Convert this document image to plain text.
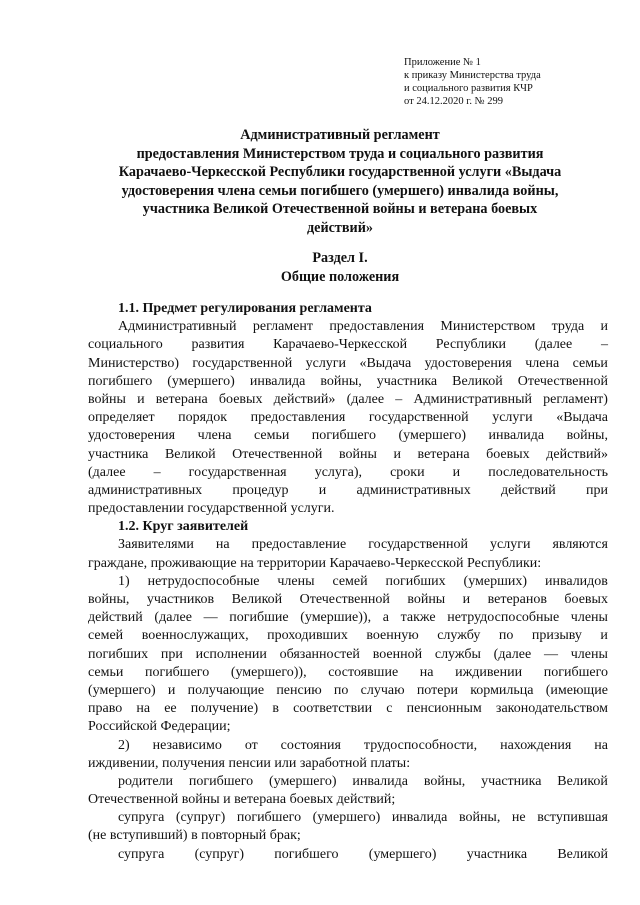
Приложение № 1
к приказу Министерства труда
и социального развития КЧР
от 24.12.2020 г. № 299
Административный регламент
предоставления Министерством труда и социального развития
Карачаево-Черкесской Республики государственной услуги «Выдача
удостоверения члена семьи погибшего (умершего) инвалида войны,
участника Великой Отечественной войны и ветерана боевых
действий»
Раздел I.
Общие положения
1.1. Предмет регулирования регламента
Административный регламент предоставления Министерством труда и
социального развития Карачаево-Черкесской Республики (далее –
Министерство) государственной услуги «Выдача удостоверения члена семьи
погибшего (умершего) инвалида войны, участника Великой Отечественной
войны и ветерана боевых действий» (далее – Административный регламент)
определяет порядок предоставления государственной услуги «Выдача
удостоверения члена семьи погибшего (умершего) инвалида войны,
участника Великой Отечественной войны и ветерана боевых действий»
(далее – государственная услуга), сроки и последовательность
административных процедур и административных действий при
предоставлении государственной услуги.
1.2. Круг заявителей
Заявителями на предоставление государственной услуги являются
граждане, проживающие на территории Карачаево-Черкесской Республики:
1) нетрудоспособные члены семей погибших (умерших) инвалидов
войны, участников Великой Отечественной войны и ветеранов боевых
действий (далее — погибшие (умершие)), а также нетрудоспособные члены
семей военнослужащих, проходивших военную службу по призыву и
погибших при исполнении обязанностей военной службы (далее — члены
семьи погибшего (умершего)), состоявшие на иждивении погибшего
(умершего) и получающие пенсию по случаю потери кормильца (имеющие
право на ее получение) в соответствии с пенсионным законодательством
Российской Федерации;
2) независимо от состояния трудоспособности, нахождения на
иждивении, получения пенсии или заработной платы:
родители погибшего (умершего) инвалида войны, участника Великой
Отечественной войны и ветерана боевых действий;
супруга (супруг) погибшего (умершего) инвалида войны, не вступившая
(не вступивший) в повторный брак;
супруга (супруг) погибшего (умершего) участника Великой
